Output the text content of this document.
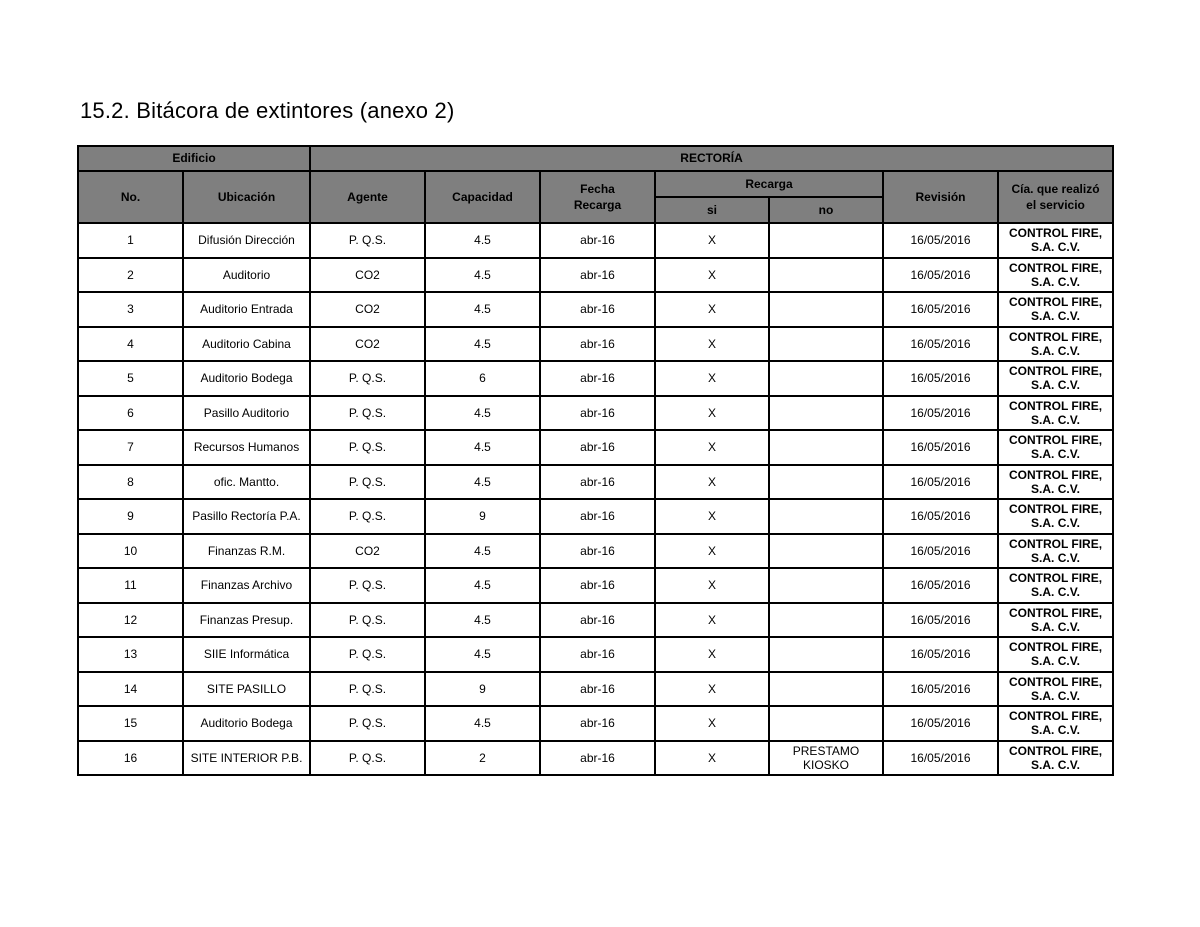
15.2. Bitácora de extintores (anexo 2)
Edificio		RECTORÍA						
No.	Ubicación	Agente	Capacidad	Fecha Recarga	Recarga		Revisión	Cía. que realizó el servicio
					si	no		
1	Difusión Dirección	P. Q.S.	4.5	abr-16	X		16/05/2016	CONTROL FIRE, S.A. C.V.
2	Auditorio	CO2	4.5	abr-16	X		16/05/2016	CONTROL FIRE, S.A. C.V.
3	Auditorio Entrada	CO2	4.5	abr-16	X		16/05/2016	CONTROL FIRE, S.A. C.V.
4	Auditorio Cabina	CO2	4.5	abr-16	X		16/05/2016	CONTROL FIRE, S.A. C.V.
5	Auditorio Bodega	P. Q.S.	6	abr-16	X		16/05/2016	CONTROL FIRE, S.A. C.V.
6	Pasillo Auditorio	P. Q.S.	4.5	abr-16	X		16/05/2016	CONTROL FIRE, S.A. C.V.
7	Recursos Humanos	P. Q.S.	4.5	abr-16	X		16/05/2016	CONTROL FIRE, S.A. C.V.
8	ofic. Mantto.	P. Q.S.	4.5	abr-16	X		16/05/2016	CONTROL FIRE, S.A. C.V.
9	Pasillo Rectoría P.A.	P. Q.S.	9	abr-16	X		16/05/2016	CONTROL FIRE, S.A. C.V.
10	Finanzas R.M.	CO2	4.5	abr-16	X		16/05/2016	CONTROL FIRE, S.A. C.V.
11	Finanzas Archivo	P. Q.S.	4.5	abr-16	X		16/05/2016	CONTROL FIRE, S.A. C.V.
12	Finanzas Presup.	P. Q.S.	4.5	abr-16	X		16/05/2016	CONTROL FIRE, S.A. C.V.
13	SIIE Informática	P. Q.S.	4.5	abr-16	X		16/05/2016	CONTROL FIRE, S.A. C.V.
14	SITE PASILLO	P. Q.S.	9	abr-16	X		16/05/2016	CONTROL FIRE, S.A. C.V.
15	Auditorio Bodega	P. Q.S.	4.5	abr-16	X		16/05/2016	CONTROL FIRE, S.A. C.V.
16	SITE INTERIOR P.B.	P. Q.S.	2	abr-16	X	PRESTAMO KIOSKO	16/05/2016	CONTROL FIRE, S.A. C.V.
